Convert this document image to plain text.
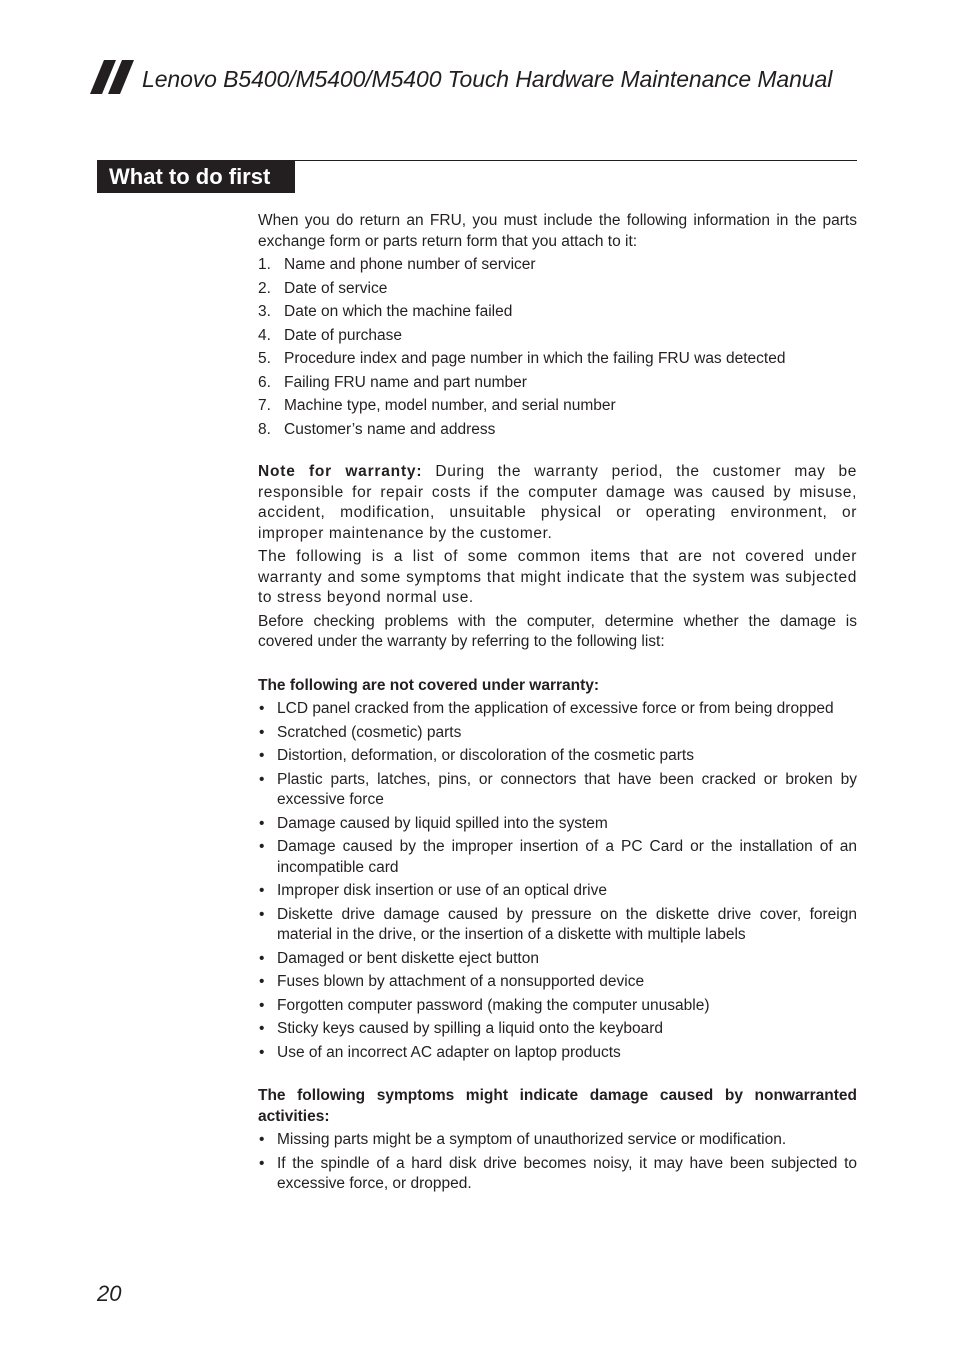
Lenovo B5400/M5400/M5400 Touch Hardware Maintenance Manual
What to do first

When you do return an FRU, you must include the following information in the parts exchange form or parts return form that you attach to it:

1. Name and phone number of servicer
2. Date of service
3. Date on which the machine failed
4. Date of purchase
5. Procedure index and page number in which the failing FRU was detected
6. Failing FRU name and part number
7. Machine type, model number, and serial number
8. Customer’s name and address

Note for warranty: During the warranty period, the customer may be responsible for repair costs if the computer damage was caused by misuse, accident, modification, unsuitable physical or operating environment, or improper maintenance by the customer.

The following is a list of some common items that are not covered under warranty and some symptoms that might indicate that the system was subjected to stress beyond normal use.

Before checking problems with the computer, determine whether the damage is covered under the warranty by referring to the following list:

The following are not covered under warranty:

• LCD panel cracked from the application of excessive force or from being dropped
• Scratched (cosmetic) parts
• Distortion, deformation, or discoloration of the cosmetic parts
• Plastic parts, latches, pins, or connectors that have been cracked or broken by excessive force
• Damage caused by liquid spilled into the system
• Damage caused by the improper insertion of a PC Card or the installation of an incompatible card
• Improper disk insertion or use of an optical drive
• Diskette drive damage caused by pressure on the diskette drive cover, foreign material in the drive, or the insertion of a diskette with multiple labels
• Damaged or bent diskette eject button
• Fuses blown by attachment of a nonsupported device
• Forgotten computer password (making the computer unusable)
• Sticky keys caused by spilling a liquid onto the keyboard
• Use of an incorrect AC adapter on laptop products

The following symptoms might indicate damage caused by nonwarranted activities:

• Missing parts might be a symptom of unauthorized service or modification.
• If the spindle of a hard disk drive becomes noisy, it may have been subjected to excessive force, or dropped.
20
